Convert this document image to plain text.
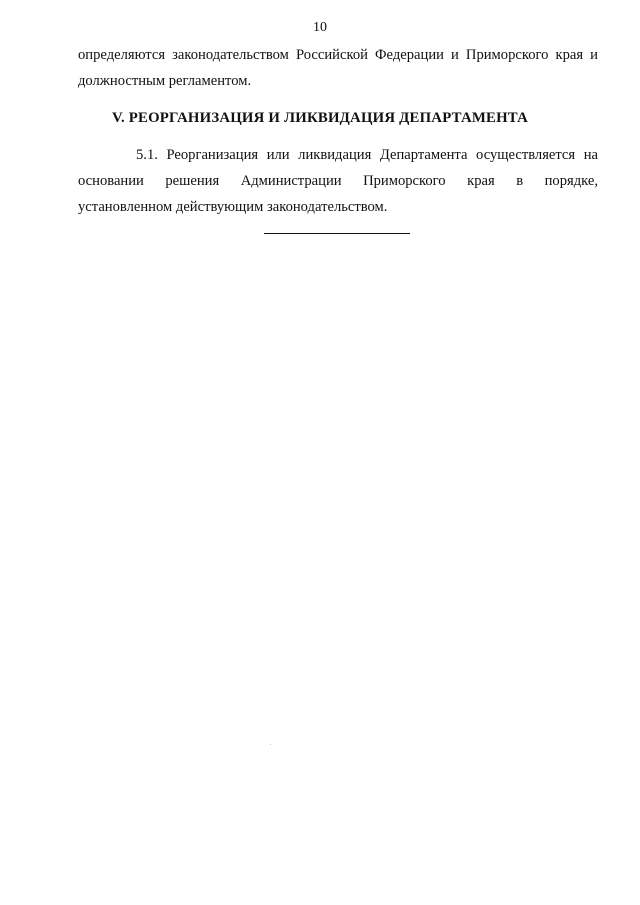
10
определяются законодательством Российской Федерации и Приморского края и
должностным регламентом.
V. РЕОРГАНИЗАЦИЯ И ЛИКВИДАЦИЯ ДЕПАРТАМЕНТА
5.1. Реорганизация или ликвидация Департамента осуществляется на
основании решения Администрации Приморского края в порядке,
установленном действующим законодательством.
